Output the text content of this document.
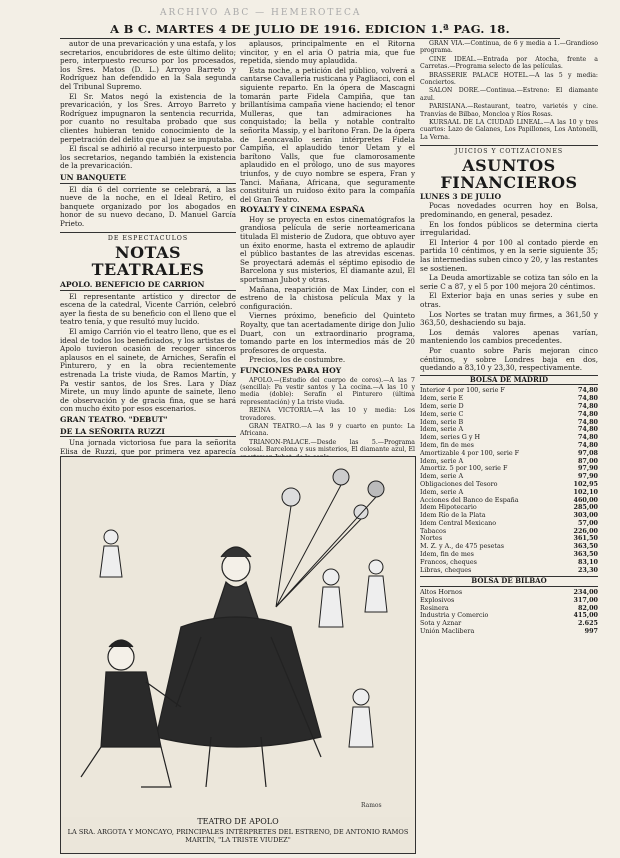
ARCHIVO ABC — HEMEROTECA
A B C. MARTES 4 DE JULIO DE 1916. EDICION 1.ª PAG. 18.

autor de una prevaricación y una estafa, y los secretarios, encubridores de este último delito; pero, interpuesto recurso por los procesados, los Sres. Matos (D. L.) Arroyo Barreto y Rodríguez han defendido en la Sala segunda del Tribunal Supremo.

El Sr. Matos negó la existencia de la prevaricación, y los Sres. Arroyo Barreto y Rodríguez impugnaron la sentencia recurrida, por cuanto no resultaba probado que sus clientes hubieran tenido conocimiento de la perpetración del delito que al juez se imputaba.

El fiscal se adhirió al recurso interpuesto por los secretarios, negando también la existencia de la prevaricación.

UN BANQUETE

El día 6 del corriente se celebrará, a las nueve de la noche, en el Ideal Retiro, el banquete organizado por los abogados en honor de su nuevo decano, D. Manuel García Prieto.

DE ESPECTACULOS
NOTAS TEATRALES
APOLO. BENEFICIO DE CARRION

El representante artístico y director de escena de la catedral, Vicente Carrión, celebró ayer la fiesta de su beneficio con el lleno que el teatro tenía, y que resultó muy lucido.

El amigo Carrión vio el teatro lleno, que es el ideal de todos los beneficiados, y los artistas de Apolo tuvieron ocasión de recoger sinceros aplausos en el sainete, de Arniches, Serafín el Pinturero, y en la obra recientemente estrenada La triste viuda, de Ramos Martín, y Pa vestir santos, de los Sres. Lara y Díaz Mirete, un muy lindo apunte de sainete, lleno de observación y de gracia fina, que se hará con mucho éxito por esos escenarios.

GRAN TEATRO. "DEBUT"
DE LA SEÑORITA RUZZI

Una jornada victoriosa fue para la señorita Elisa de Ruzzi, que por primera vez aparecía

aplausos, principalmente en el Ritorna vincitor, y en el aria O patria mia, que fue repetida, siendo muy aplaudida.

Esta noche, a petición del público, volverá a cantarse Cavalleria rusticana y Pagliacci, con el siguiente reparto. En la ópera de Mascagni tomarán parte Fidela Campiña, que tan brillantísima campaña viene haciendo; el tenor Mulleras, que tan admiraciones ha conquistado; la bella y notable contralto señorita Massip, y el barítono Fran. De la ópera de Leoncavallo serán intérpretes Fidela Campiña, el aplaudido tenor Uetam y el barítono Valls, que fue clamorosamente aplaudido en el prólogo, uno de sus mayores triunfos, y de cuyo nombre se espera, Fran y Tanci. Mañana, Africana, que seguramente constituirá un ruidoso éxito para la compañía del Gran Teatro.

ROYALTY Y CINEMA ESPAÑA

Hoy se proyecta en estos cinematógrafos la grandiosa película de serie norteamericana titulada El misterio de Zudora, que obtuvo ayer un éxito enorme, hasta el extremo de aplaudir el público bastantes de las atrevidas escenas. Se proyectará además el séptimo episodio de Barcelona y sus misterios, El diamante azul, El sportsman Jubot y otras.

Mañana, reaparición de Max Linder, con el estreno de la chistosa película Max y la configuración.

Viernes próximo, beneficio del Quinteto Royalty, que tan acertadamente dirige don Julio Duart, con un extraordinario programa, tomando parte en los intermedios más de 20 profesores de orquesta.

Precios, los de costumbre.

FUNCIONES PARA HOY

APOLO.—(Estudio del cuerpo de coros).—A las 7 (sencilla): Pa vestir santos y La cocina.—A las 10 y media (doble): Serafín el Pinturero (última representación) y La triste viuda.

REINA VICTORIA.—A las 10 y media: Los trovadores.

GRAN TEATRO.—A las 9 y cuarto en punto: La Africana.

TRIANON-PALACE.—Desde las 5.—Programa colosal. Barcelona y sus misterios, El diamante azul, El

GRAN VIA.—Continua, de 6 y media a 1.—Grandioso programa.

CINE IDEAL.—Entrada por Atocha, frente a Carretas.—Programa selecto de las películas.

BRASSERIE PALACE HOTEL.—A las 5 y media: Conciertos.

SALON DORE.—Continua.—Estreno: El diamante azul.

PARISIANA.—Restaurant, teatro, varietés y cine. Tranvías de Bilbao, Moncloa y Ríos Rosas.

KURSAAL DE LA CIUDAD LINEAL.—A las 10 y tres cuartos: Lazo de Galanes, Los Papillones, Los Antonelli, La Verna.

JUICIOS Y COTIZACIONES
ASUNTOS
FINANCIEROS
LUNES 3 DE JULIO

Pocas novedades ocurren hoy en Bolsa, predominando, en general, pesadez.

En los fondos públicos se determina cierta irregularidad.

El Interior 4 por 100 al contado pierde en partida 10 céntimos, y en la serie siguiente 35; las intermedias suben cinco y 20, y las restantes se sostienen.

La Deuda amortizable se cotiza tan sólo en la serie C a 87, y el 5 por 100 mejora 20 céntimos.

El Exterior baja en unas series y sube en otras.

Los Nortes se tratan muy firmes, a 361,50 y 363,50, deshaciendo su baja.

Los demás valores apenas varían, manteniendo los cambios precedentes.

Por cuanto sobre París mejoran cinco céntimos, y sobre Londres baja en dos, quedando a 83,10 y 23,30, respectivamente.

BOLSA DE MADRID
Interior 4 por 100, serie F	74,80
Idem, serie E	74,80
Idem, serie D	74,80
Idem, serie C	74,80
Idem, serie B	74,80
Idem, serie A	74,80
Idem, series G y H	74,80
Idem, fin de mes	74,80
Amortizable 4 por 100, serie F	97,08
Idem, serie A	87,00
Amortiz. 5 por 100, serie F	97,90
Idem, serie A	97,90
Obligaciones del Tesoro	102,95
Idem, serie A	102,10
Acciones del Banco de España	460,00
Idem Hipotecario	285,00
Idem Río de la Plata	303,00
Idem Central Mexicano	57,00
Tabacos	226,00
Nortes	361,50
M. Z. y A., de 475 pesetas	363,50
Idem, fin de mes	363,50
Francos, cheques	83,10
Libras, cheques	23,30
BOLSA DE BILBAO
Altos Hornos	234,00
Explosivos	317,00
Resinera	82,00
Industria y Comercio	415,00
Sota y Aznar	2.625
Unión Maclibera	997
Ramos
TEATRO DE APOLO
LA SRA. ARGOTA Y MONCAYO, PRINCIPALES INTÉRPRETES DEL ESTRENO, DE ANTONIO RAMOS MARTÍN, "LA TRISTE VIUDEZ"
